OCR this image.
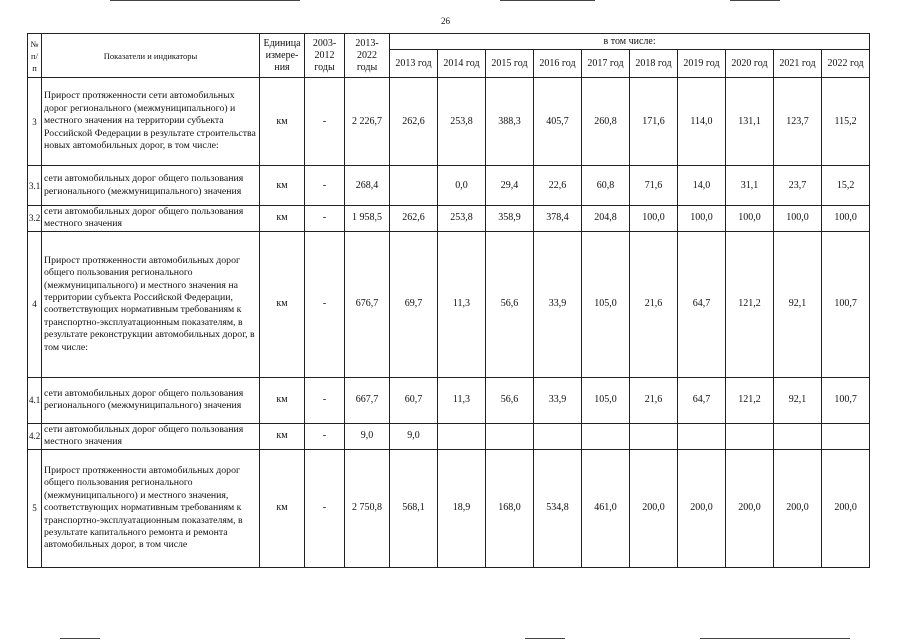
26
№ п/п	Показатели и индикаторы	Единица измере-ния	2003-2012 годы	2013-2022 годы	в том числе:									
					2013 год	2014 год	2015 год	2016 год	2017 год	2018 год	2019 год	2020 год	2021 год	2022 год
3	Прирост протяженности сети автомобильных дорог регионального (межмуниципального) и местного значения на территории субъекта Российской Федерации в результате строительства новых автомобильных дорог, в том числе:	км	-	2 226,7	262,6	253,8	388,3	405,7	260,8	171,6	114,0	131,1	123,7	115,2
3.1.	сети автомобильных дорог общего пользования регионального (межмуниципального) значения	км	-	268,4		0,0	29,4	22,6	60,8	71,6	14,0	31,1	23,7	15,2
3.2.	сети автомобильных дорог общего пользования местного значения	км	-	1 958,5	262,6	253,8	358,9	378,4	204,8	100,0	100,0	100,0	100,0	100,0
4	Прирост протяженности автомобильных дорог общего пользования регионального (межмуниципального) и местного значения на территории субъекта Российской Федерации, соответствующих нормативным требованиям к транспортно-эксплуатационным показателям, в результате реконструкции автомобильных дорог, в том числе:	км	-	676,7	69,7	11,3	56,6	33,9	105,0	21,6	64,7	121,2	92,1	100,7
4.1.	сети автомобильных дорог общего пользования регионального (межмуниципального) значения	км	-	667,7	60,7	11,3	56,6	33,9	105,0	21,6	64,7	121,2	92,1	100,7
4.2.	сети автомобильных дорог общего пользования местного значения	км	-	9,0	9,0									
5	Прирост протяженности автомобильных дорог общего пользования регионального (межмуниципального) и местного значения, соответствующих нормативным требованиям к транспортно-эксплуатационным показателям, в результате капитального ремонта и ремонта автомобильных дорог, в том числе	км	-	2 750,8	568,1	18,9	168,0	534,8	461,0	200,0	200,0	200,0	200,0	200,0
